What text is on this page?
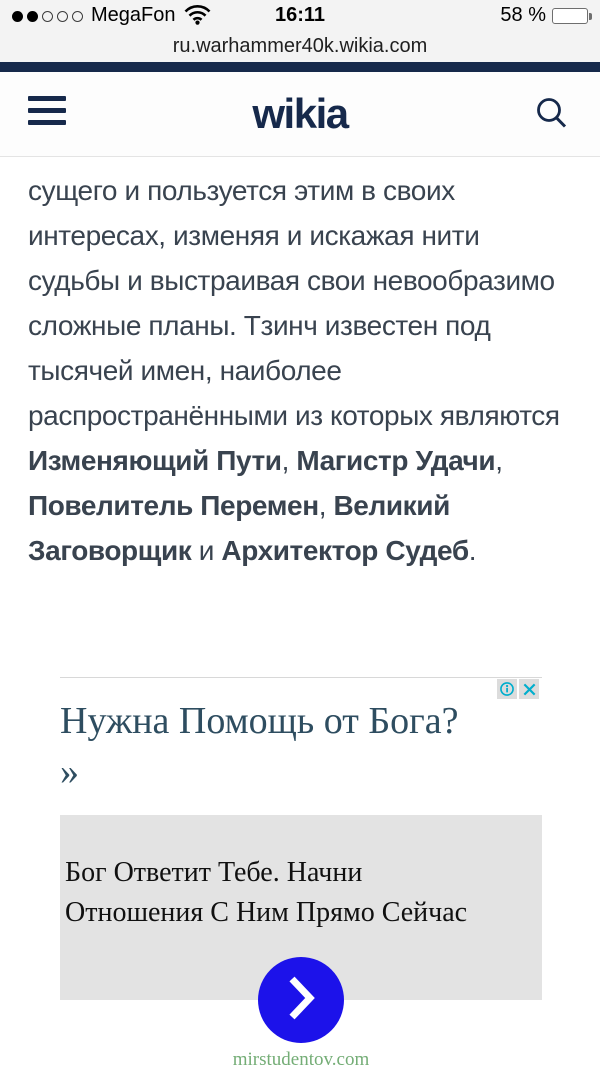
MegaFon	16:11	58 %
ru.warhammer40k.wikia.com
wikia

сущего и пользуется этим в своих интересах, изменяя и искажая нити судьбы и выстраивая свои невообразимо сложные планы. Тзинч известен под тысячей имен, наиболее распространёнными из которых являются Изменяющий Пути, Магистр Удачи, Повелитель Перемен, Великий Заговорщик и Архитектор Судеб.

Нужна Помощь от Бога? »
Бог Ответит Тебе. Начни Отношения С Ним Прямо Сейчас
mirstudentov.com
